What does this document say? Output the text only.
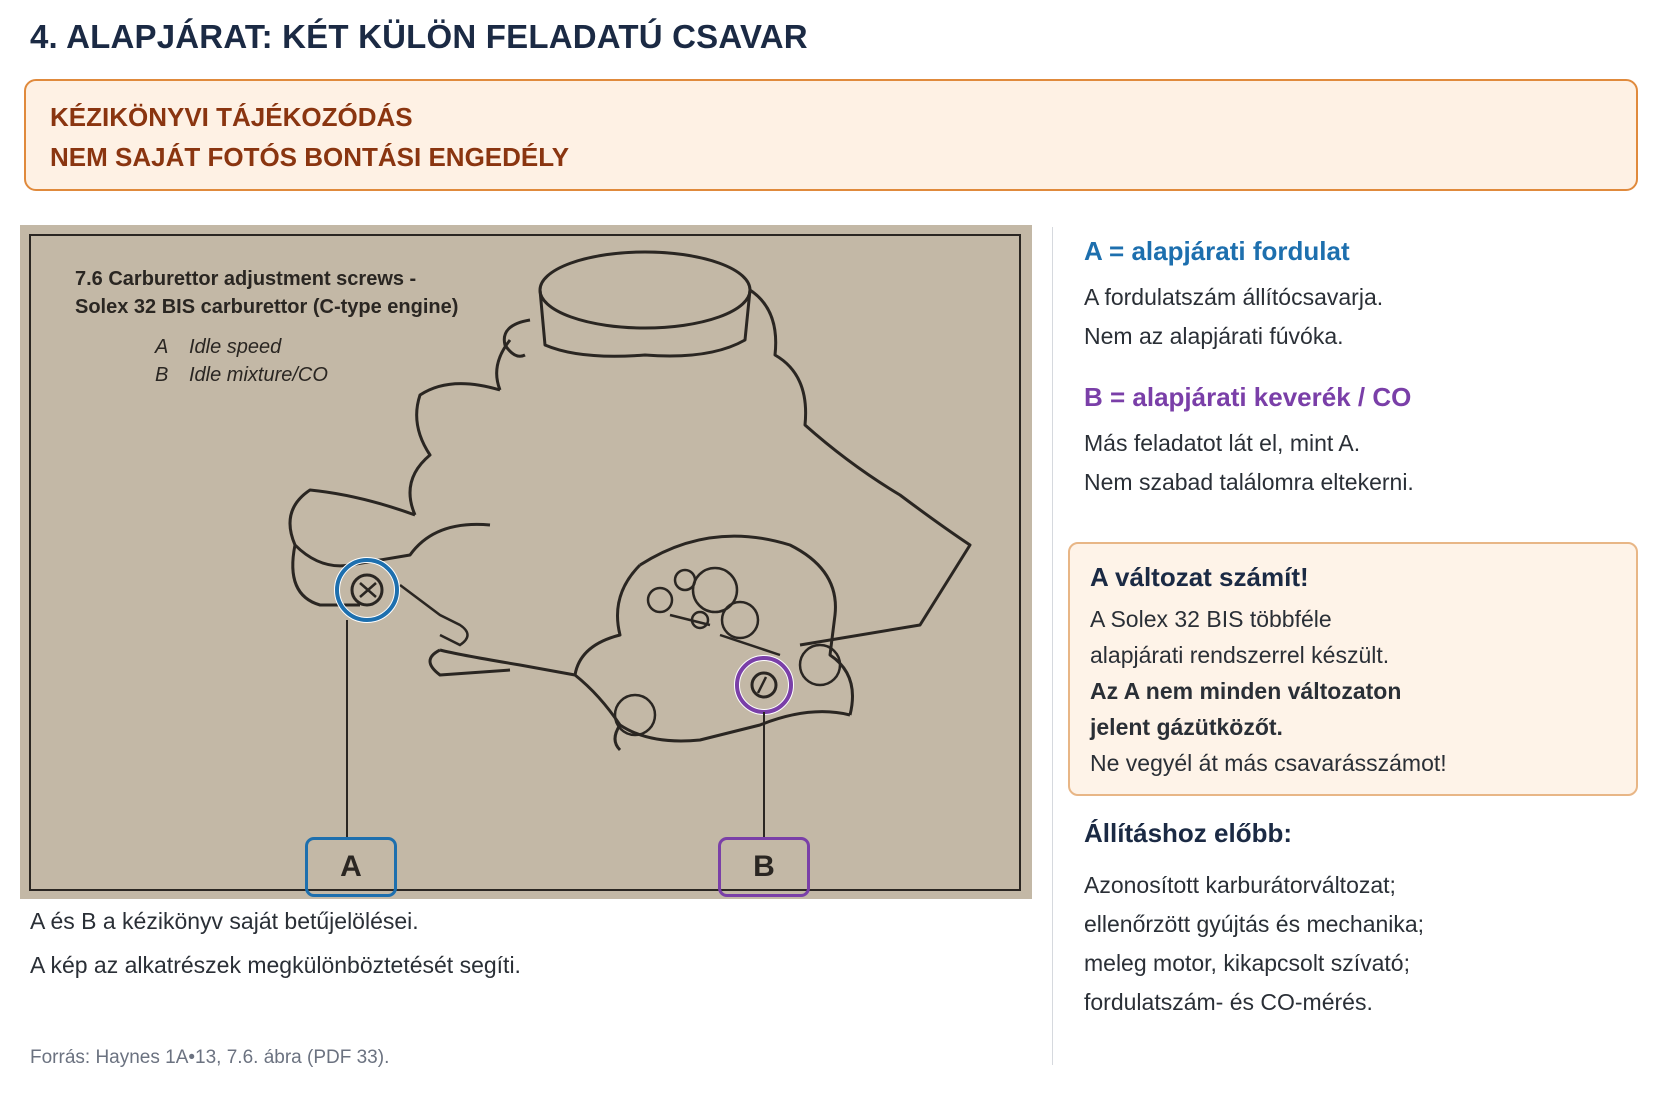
4. ALAPJÁRAT: KÉT KÜLÖN FELADATÚ CSAVAR
KÉZIKÖNYVI TÁJÉKOZÓDÁS
NEM SAJÁT FOTÓS BONTÁSI ENGEDÉLY
7.6 Carburettor adjustment screws -
Solex 32 BIS carburettor (C-type engine)
A Idle speed
B Idle mixture/CO
A	B
A és B a kézikönyv saját betűjelölései.
A kép az alkatrészek megkülönböztetését segíti.
Forrás: Haynes 1A•13, 7.6. ábra (PDF 33).
A = alapjárati fordulat
A fordulatszám állítócsavarja.
Nem az alapjárati fúvóka.
B = alapjárati keverék / CO
Más feladatot lát el, mint A.
Nem szabad találomra eltekerni.
A változat számít!
A Solex 32 BIS többféle
alapjárati rendszerrel készült.
Az A nem minden változaton
jelent gázütközőt.
Ne vegyél át más csavarásszámot!
Állításhoz előbb:
Azonosított karburátorváltozat;
ellenőrzött gyújtás és mechanika;
meleg motor, kikapcsolt szívató;
fordulatszám- és CO-mérés.
